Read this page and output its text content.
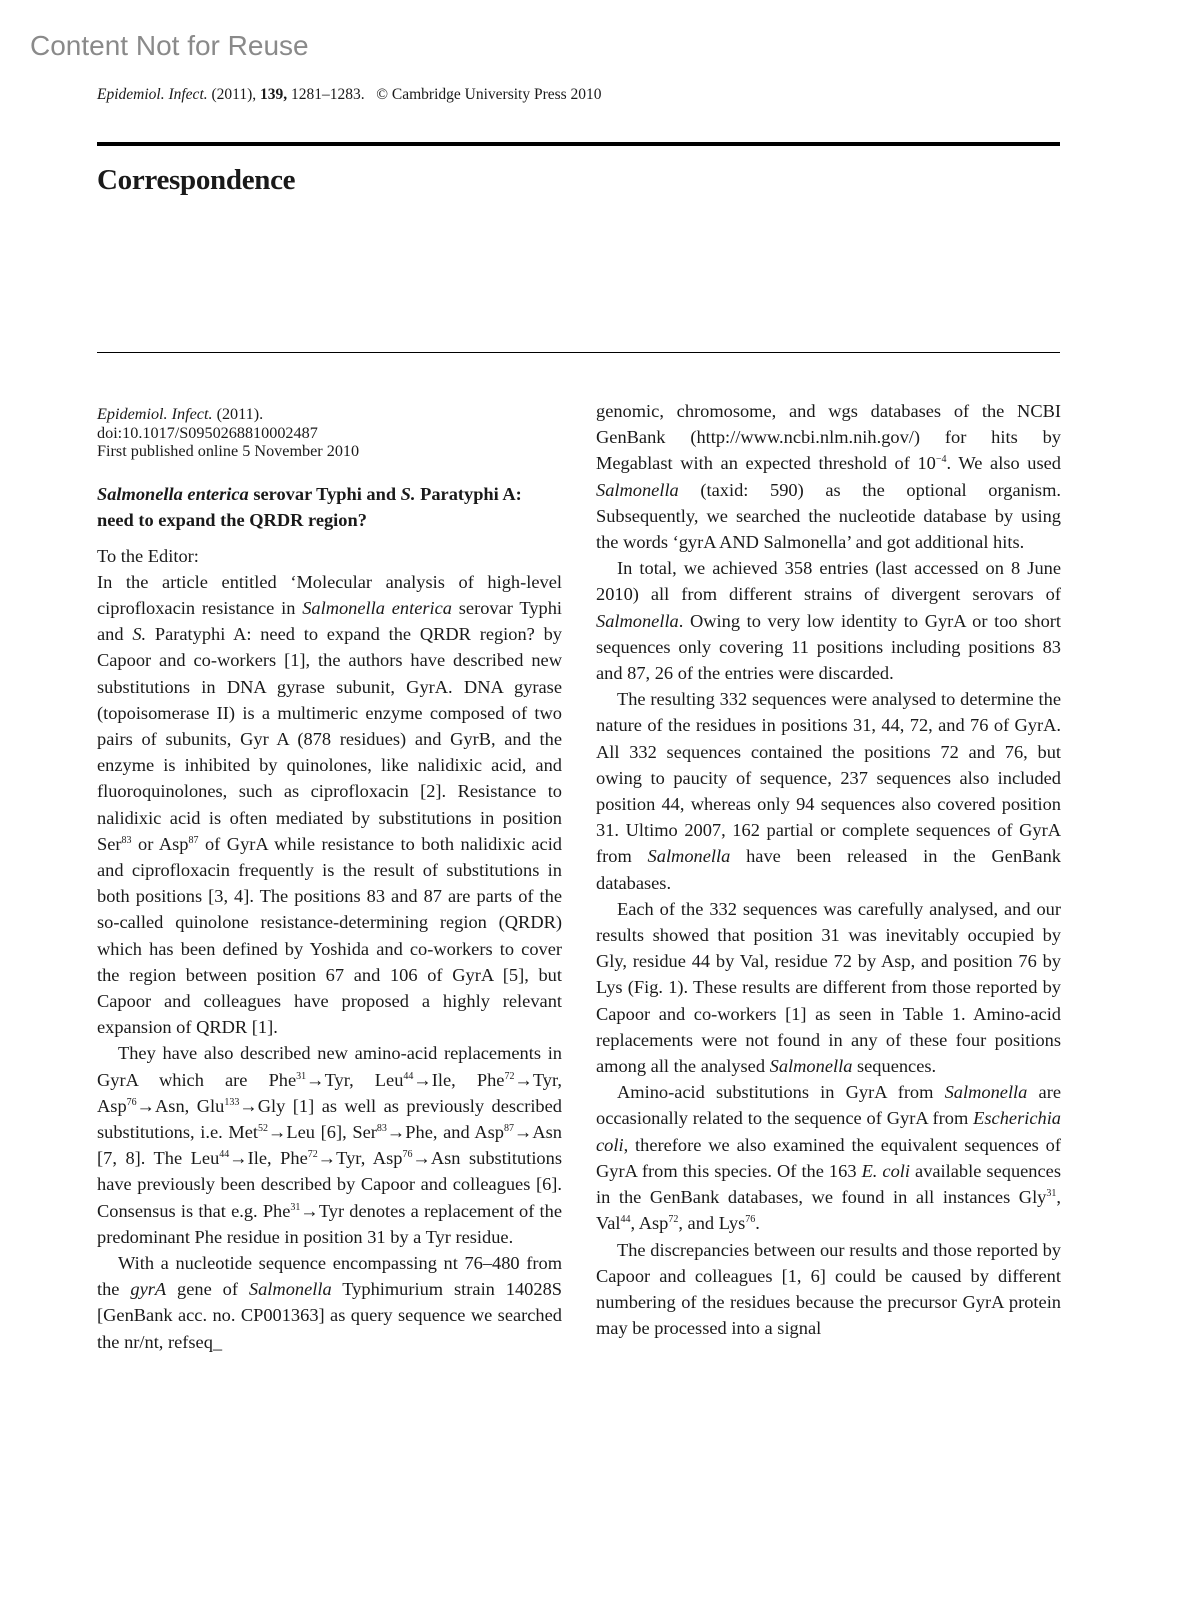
Content Not for Reuse
Epidemiol. Infect. (2011), 139, 1281–1283. © Cambridge University Press 2010
Correspondence

Epidemiol. Infect. (2011).
doi:10.1017/S0950268810002487
First published online 5 November 2010

Salmonella enterica serovar Typhi and S. Paratyphi A: need to expand the QRDR region?

To the Editor:

In the article entitled ‘Molecular analysis of high-level ciprofloxacin resistance in Salmonella enterica serovar Typhi and S. Paratyphi A: need to expand the QRDR region? by Capoor and co-workers [1], the authors have described new substitutions in DNA gyrase subunit, GyrA. DNA gyrase (topoisomerase II) is a multimeric enzyme composed of two pairs of subunits, Gyr A (878 residues) and GyrB, and the enzyme is inhibited by quinolones, like nalidixic acid, and fluoroquinolones, such as ciprofloxacin [2]. Resistance to nalidixic acid is often mediated by substitutions in position Ser$^{83}$ or Asp$^{87}$ of GyrA while resistance to both nalidixic acid and ciprofloxacin frequently is the result of substitutions in both positions [3, 4]. The positions 83 and 87 are parts of the so-called quinolone resistance-determining region (QRDR) which has been defined by Yoshida and co-workers to cover the region between position 67 and 106 of GyrA [5], but Capoor and colleagues have proposed a highly relevant expansion of QRDR [1].

They have also described new amino-acid replacements in GyrA which are Phe$^{31}$→Tyr, Leu$^{44}$→Ile, Phe$^{72}$→Tyr, Asp$^{76}$→Asn, Glu$^{133}$→Gly [1] as well as previously described substitutions, i.e. Met$^{52}$→Leu [6], Ser$^{83}$→Phe, and Asp$^{87}$→Asn [7, 8]. The Leu$^{44}$→Ile, Phe$^{72}$→Tyr, Asp$^{76}$→Asn substitutions have previously been described by Capoor and colleagues [6]. Consensus is that e.g. Phe$^{31}$→Tyr denotes a replacement of the predominant Phe residue in position 31 by a Tyr residue.

With a nucleotide sequence encompassing nt 76–480 from the gyrA gene of Salmonella Typhimurium strain 14028S [GenBank acc. no. CP001363] as query sequence we searched the nr/nt, refseq_

genomic, chromosome, and wgs databases of the NCBI GenBank (http://www.ncbi.nlm.nih.gov/) for hits by Megablast with an expected threshold of $10^{-4}$. We also used Salmonella (taxid: 590) as the optional organism. Subsequently, we searched the nucleotide database by using the words ‘gyrA AND Salmonella’ and got additional hits.

In total, we achieved 358 entries (last accessed on 8 June 2010) all from different strains of divergent serovars of Salmonella. Owing to very low identity to GyrA or too short sequences only covering 11 positions including positions 83 and 87, 26 of the entries were discarded.

The resulting 332 sequences were analysed to determine the nature of the residues in positions 31, 44, 72, and 76 of GyrA. All 332 sequences contained the positions 72 and 76, but owing to paucity of sequence, 237 sequences also included position 44, whereas only 94 sequences also covered position 31. Ultimo 2007, 162 partial or complete sequences of GyrA from Salmonella have been released in the GenBank databases.

Each of the 332 sequences was carefully analysed, and our results showed that position 31 was inevitably occupied by Gly, residue 44 by Val, residue 72 by Asp, and position 76 by Lys (Fig. 1). These results are different from those reported by Capoor and co-workers [1] as seen in Table 1. Amino-acid replacements were not found in any of these four positions among all the analysed Salmonella sequences.

Amino-acid substitutions in GyrA from Salmonella are occasionally related to the sequence of GyrA from Escherichia coli, therefore we also examined the equivalent sequences of GyrA from this species. Of the 163 E. coli available sequences in the GenBank databases, we found in all instances Gly$^{31}$, Val$^{44}$, Asp$^{72}$, and Lys$^{76}$.

The discrepancies between our results and those reported by Capoor and colleagues [1, 6] could be caused by different numbering of the residues because the precursor GyrA protein may be processed into a signal
